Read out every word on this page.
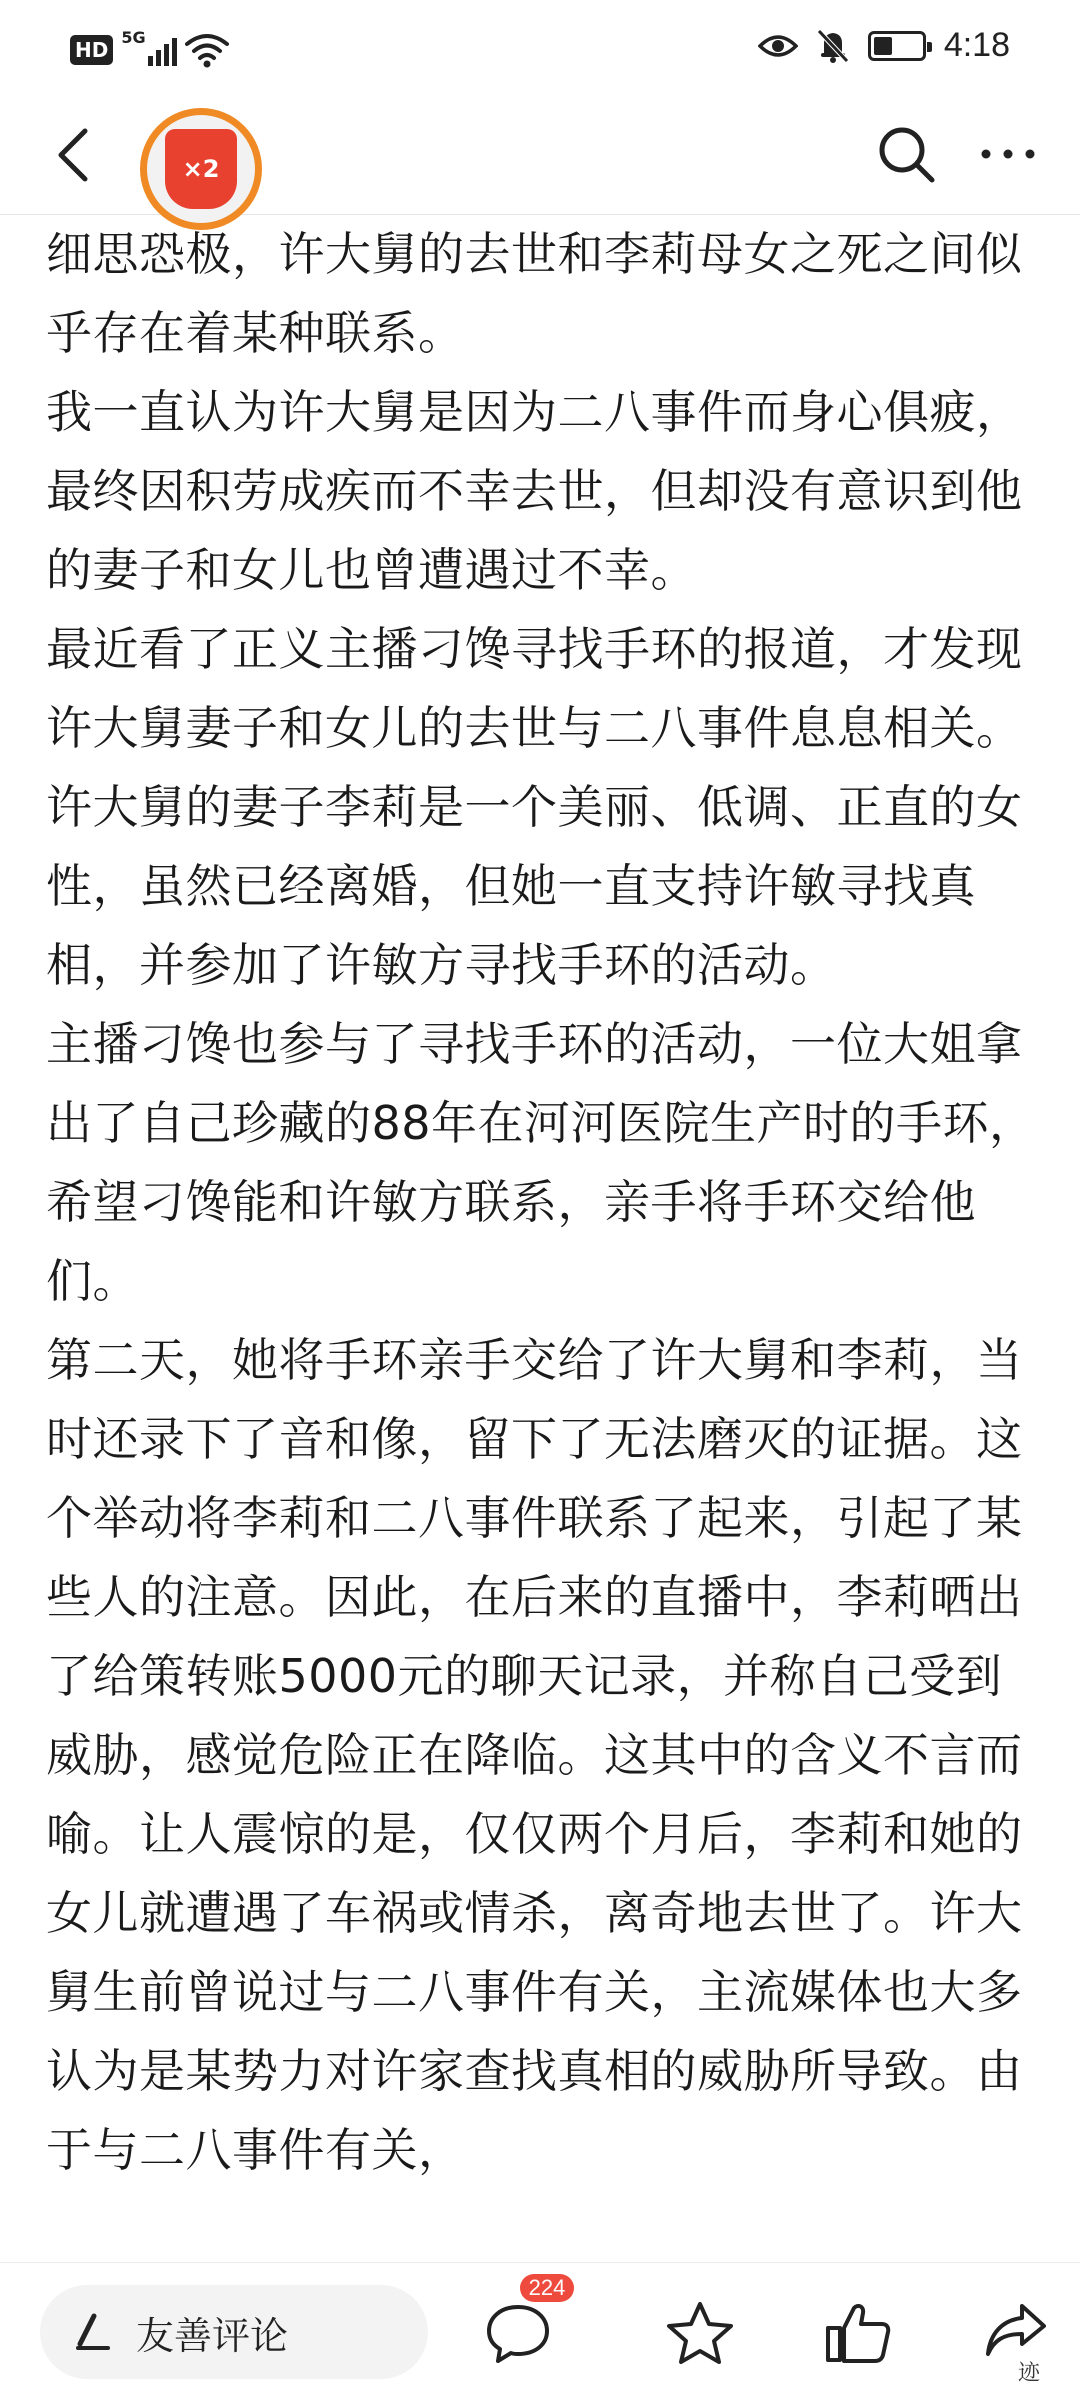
HD
5G	4:18
×2

细思恐极，许大舅的去世和李莉母女之死之间似乎存在着某种联系。

我一直认为许大舅是因为二八事件而身心俱疲，最终因积劳成疾而不幸去世，但却没有意识到他的妻子和女儿也曾遭遇过不幸。

最近看了正义主播刁馋寻找手环的报道，才发现许大舅妻子和女儿的去世与二八事件息息相关。许大舅的妻子李莉是一个美丽、低调、正直的女性，虽然已经离婚，但她一直支持许敏寻找真相，并参加了许敏方寻找手环的活动。

主播刁馋也参与了寻找手环的活动，一位大姐拿出了自己珍藏的88年在河河医院生产时的手环，希望刁馋能和许敏方联系，亲手将手环交给他们。

第二天，她将手环亲手交给了许大舅和李莉，当时还录下了音和像，留下了无法磨灭的证据。这个举动将李莉和二八事件联系了起来，引起了某些人的注意。因此，在后来的直播中，李莉晒出了给策转账5000元的聊天记录，并称自己受到威胁，感觉危险正在降临。这其中的含义不言而喻。让人震惊的是，仅仅两个月后，李莉和她的女儿就遭遇了车祸或情杀，离奇地去世了。许大舅生前曾说过与二八事件有关，主流媒体也大多认为是某势力对许家查找真相的威胁所导致。由于与二八事件有关，

友善评论
224
迹
